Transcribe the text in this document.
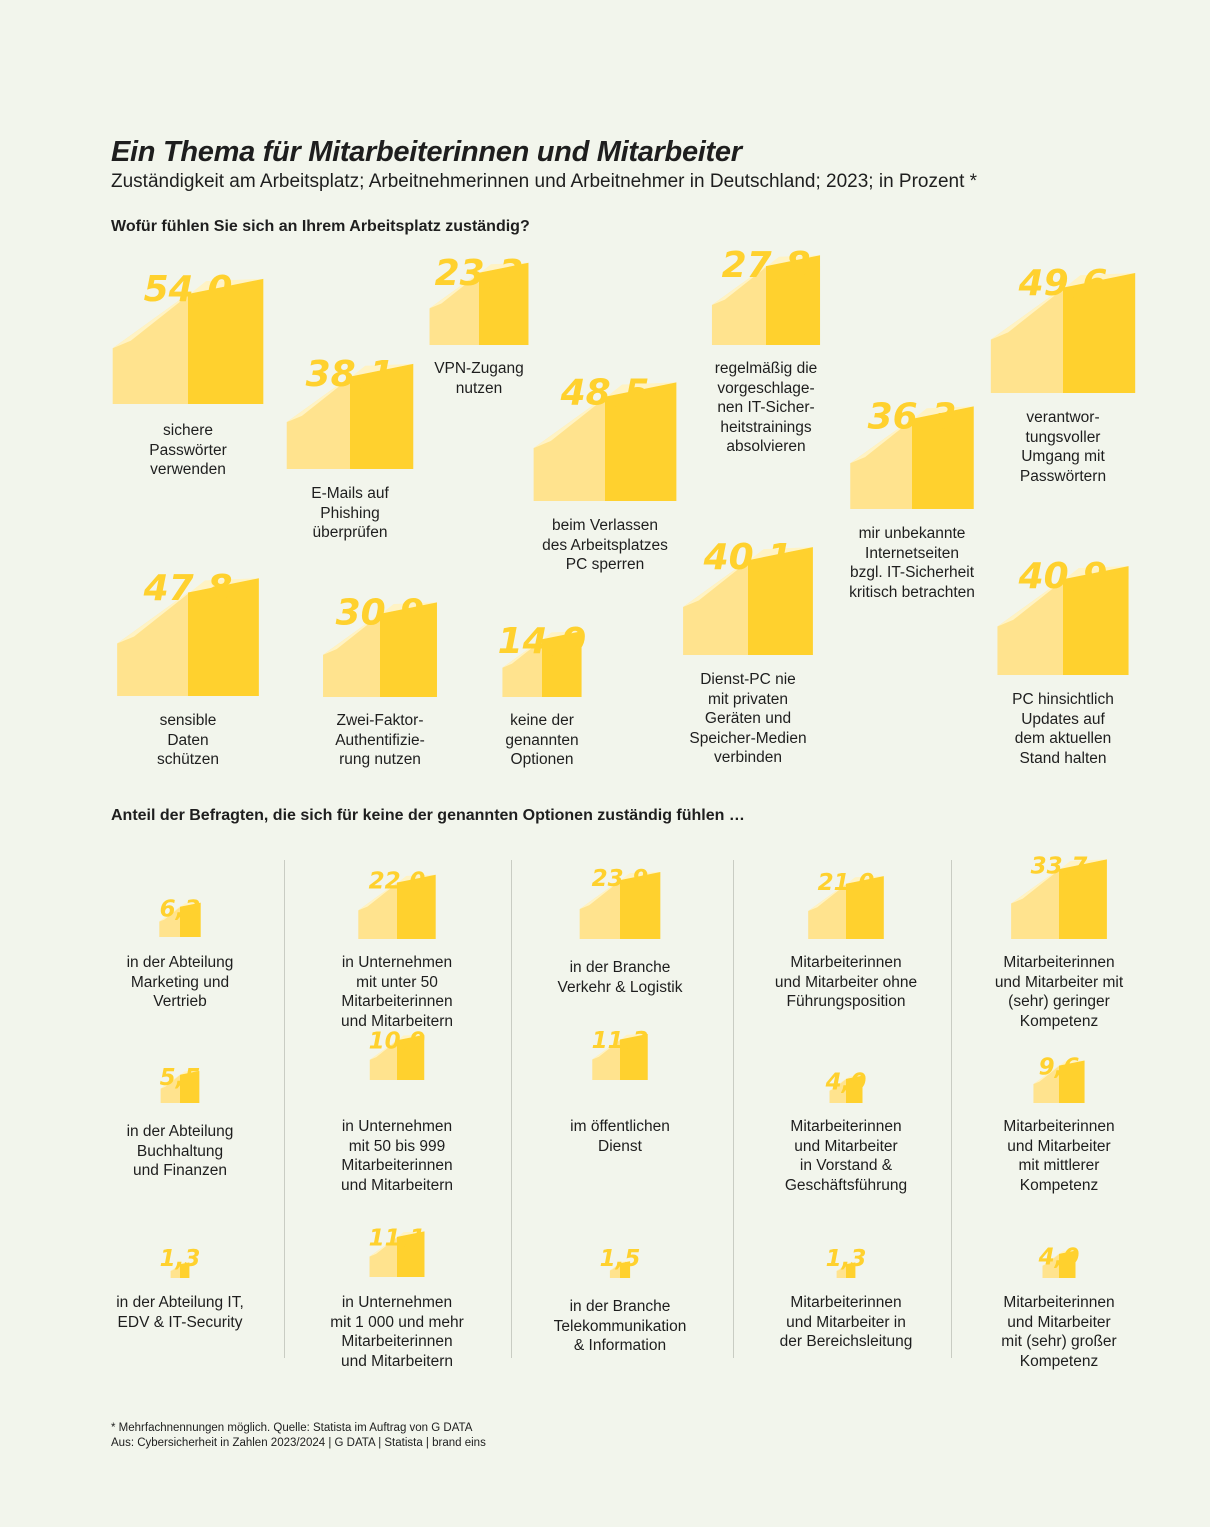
Ein Thema für Mitarbeiterinnen und Mitarbeiter

Zuständigkeit am Arbeitsplatz; Arbeitnehmerinnen und Arbeitnehmer in Deutschland; 2023; in Prozent *

Wofür fühlen Sie sich an Ihrem Arbeitsplatz zuständig?
Anteil der Befragten, die sich für keine der genannten Optionen zuständig fühlen …
54,0
38,1
23,3
48,5
27,8
36,3
49,6
47,8
30,9
14,9
40,1	40,9
6,3
5,5
1,3
22,0
10,9
11,1
23,9
11,3
1,5
21,0
4,0
1,3
33,7
9,6
4,0
sichere
Passwörter
verwenden
E-Mails auf
Phishing
überprüfen
VPN-Zugang
nutzen
beim Verlassen
des Arbeitsplatzes
PC sperren
regelmäßig die
vorgeschlage-
nen IT-Sicher-
heitstrainings
absolvieren
mir unbekannte
Internetseiten
bzgl. IT-Sicherheit
kritisch betrachten
verantwor-
tungsvoller
Umgang mit
Passwörtern
sensible
Daten
schützen
Zwei-Faktor-
Authentifizie-
rung nutzen
keine der
genannten
Optionen
Dienst-PC nie
mit privaten
Geräten und
Speicher-Medien
verbinden
PC hinsichtlich
Updates auf
dem aktuellen
Stand halten
in der Abteilung
Marketing und
Vertrieb
in der Abteilung
Buchhaltung
und Finanzen
in der Abteilung IT,
EDV & IT-Security
in Unternehmen
mit unter 50
Mitarbeiterinnen
und Mitarbeitern
in Unternehmen
mit 50 bis 999
Mitarbeiterinnen
und Mitarbeitern
in Unternehmen
mit 1 000 und mehr
Mitarbeiterinnen
und Mitarbeitern
in der Branche
Verkehr & Logistik
im öffentlichen
Dienst
in der Branche
Telekommunikation
& Information
Mitarbeiterinnen
und Mitarbeiter ohne
Führungsposition
Mitarbeiterinnen
und Mitarbeiter
in Vorstand &
Geschäftsführung
Mitarbeiterinnen
und Mitarbeiter in
der Bereichsleitung
Mitarbeiterinnen
und Mitarbeiter mit
(sehr) geringer
Kompetenz
Mitarbeiterinnen
und Mitarbeiter
mit mittlerer
Kompetenz
Mitarbeiterinnen
und Mitarbeiter
mit (sehr) großer
Kompetenz

* Mehrfachnennungen möglich. Quelle: Statista im Auftrag von G DATA

Aus: Cybersicherheit in Zahlen 2023/2024 | G DATA | Statista | brand eins
